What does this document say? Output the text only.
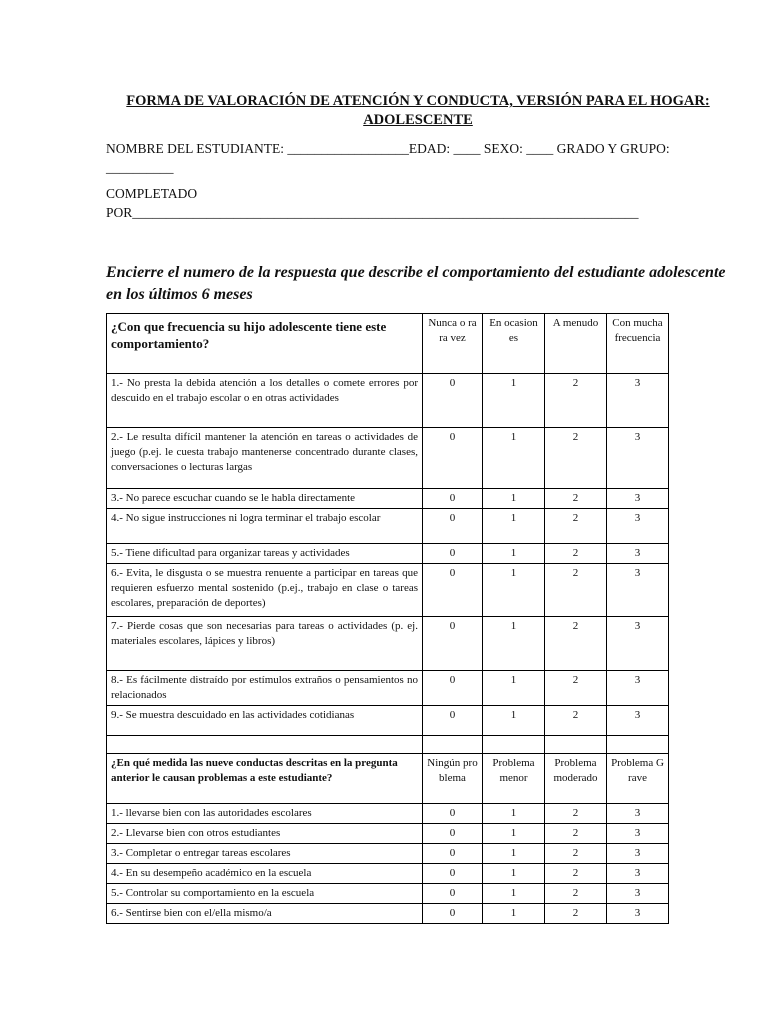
FORMA DE VALORACIÓN DE ATENCIÓN Y CONDUCTA, VERSIÓN PARA EL HOGAR: ADOLESCENTE
NOMBRE DEL ESTUDIANTE: __________________EDAD: ____ SEXO: ____ GRADO Y GRUPO:
__________
COMPLETADO
POR___________________________________________________________________________
Encierre el numero de la respuesta que describe el comportamiento del estudiante adolescente en los últimos 6 meses
¿Con que frecuencia su hijo adolescente tiene este comportamiento?	Nunca o rara vez	En ocasiones	A menudo	Con mucha frecuencia
1.- No presta la debida atención a los detalles o comete errores por descuido en el trabajo escolar o en otras actividades	0	1	2	3
2.- Le resulta difícil mantener la atención en tareas o actividades de juego (p.ej. le cuesta trabajo mantenerse concentrado durante clases, conversaciones o lecturas largas	0	1	2	3
3.- No parece escuchar cuando se le habla directamente	0	1	2	3
4.- No sigue instrucciones ni logra terminar el trabajo escolar	0	1	2	3
5.- Tiene dificultad para organizar tareas y actividades	0	1	2	3
6.- Evita, le disgusta o se muestra renuente a participar en tareas que requieren esfuerzo mental sostenido (p.ej., trabajo en clase o tareas escolares, preparación de deportes)	0	1	2	3
7.- Pierde cosas que son necesarias para tareas o actividades (p. ej. materiales escolares, lápices y libros)	0	1	2	3
8.- Es fácilmente distraído por estímulos extraños o pensamientos no relacionados	0	1	2	3
9.- Se muestra descuidado en las actividades cotidianas	0	1	2	3

¿En qué medida las nueve conductas descritas en la pregunta anterior le causan problemas a este estudiante?	Ningún problema	Problema menor	Problema moderado	Problema Grave
1.- llevarse bien con las autoridades escolares	0	1	2	3
2.- Llevarse bien con otros estudiantes	0	1	2	3
3.- Completar o entregar tareas escolares	0	1	2	3
4.- En su desempeño académico en la escuela	0	1	2	3
5.- Controlar su comportamiento en la escuela	0	1	2	3
6.- Sentirse bien con el/ella mismo/a	0	1	2	3
